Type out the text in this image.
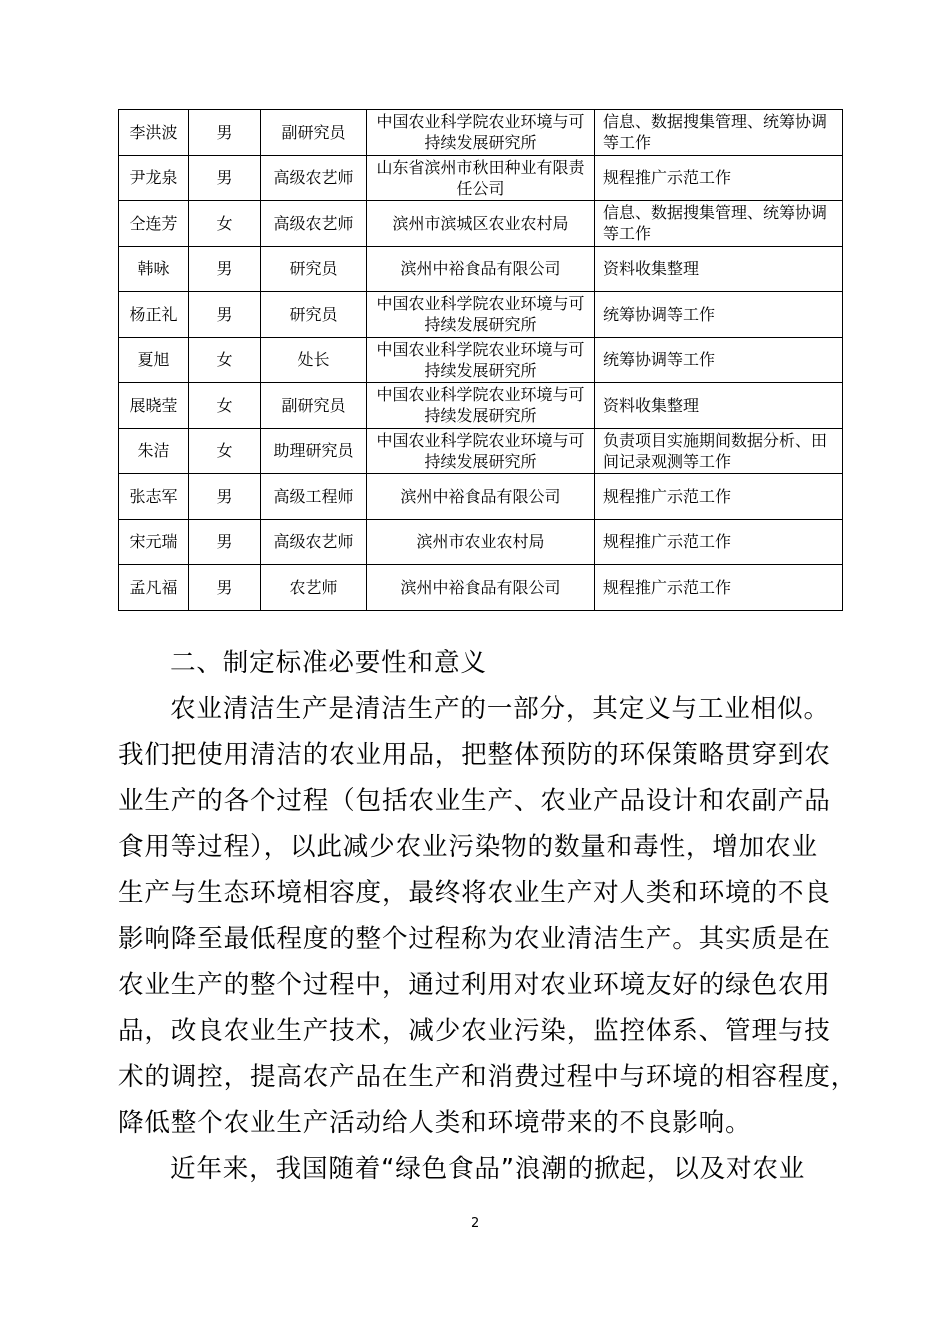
李洪波	男	副研究员	中国农业科学院农业环境与可持续发展研究所	信息、数据搜集管理、统筹协调等工作
尹龙泉	男	高级农艺师	山东省滨州市秋田种业有限责任公司	规程推广示范工作
仝连芳	女	高级农艺师	滨州市滨城区农业农村局	信息、数据搜集管理、统筹协调等工作
韩咏	男	研究员	滨州中裕食品有限公司	资料收集整理
杨正礼	男	研究员	中国农业科学院农业环境与可持续发展研究所	统筹协调等工作
夏旭	女	处长	中国农业科学院农业环境与可持续发展研究所	统筹协调等工作
展晓莹	女	副研究员	中国农业科学院农业环境与可持续发展研究所	资料收集整理
朱洁	女	助理研究员	中国农业科学院农业环境与可持续发展研究所	负责项目实施期间数据分析、田间记录观测等工作
张志军	男	高级工程师	滨州中裕食品有限公司	规程推广示范工作
宋元瑞	男	高级农艺师	滨州市农业农村局	规程推广示范工作
孟凡福	男	农艺师	滨州中裕食品有限公司	规程推广示范工作
二、制定标准必要性和意义
农业清洁生产是清洁生产的一部分，其定义与工业相似。
我们把使用清洁的农业用品，把整体预防的环保策略贯穿到农
业生产的各个过程（包括农业生产、农业产品设计和农副产品
食用等过程），以此减少农业污染物的数量和毒性，增加农业
生产与生态环境相容度，最终将农业生产对人类和环境的不良
影响降至最低程度的整个过程称为农业清洁生产。其实质是在
农业生产的整个过程中，通过利用对农业环境友好的绿色农用
品，改良农业生产技术，减少农业污染，监控体系、管理与技
术的调控，提高农产品在生产和消费过程中与环境的相容程度，
降低整个农业生产活动给人类和环境带来的不良影响。
近年来，我国随着“绿色食品”浪潮的掀起，以及对农业
2
